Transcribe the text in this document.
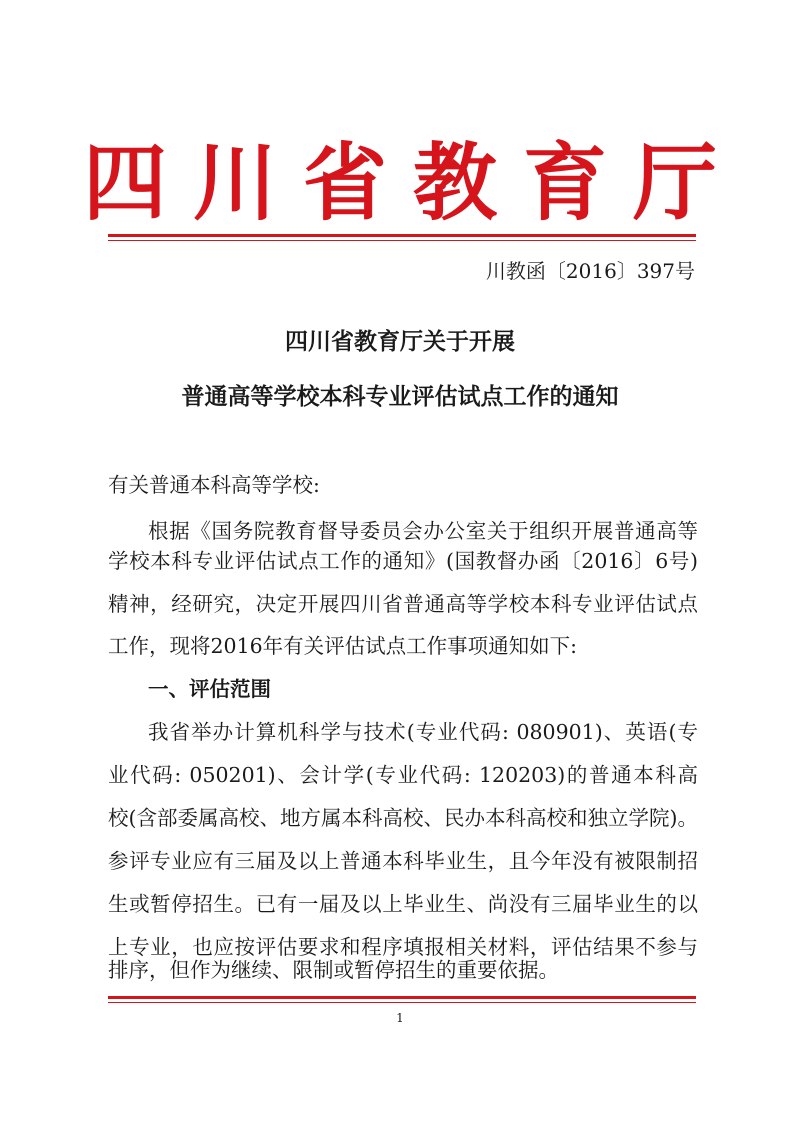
四川省教育厅
川教函〔2016〕397号
四川省教育厅关于开展
普通高等学校本科专业评估试点工作的通知
有关普通本科高等学校:
根据《国务院教育督导委员会办公室关于组织开展普通高等
学校本科专业评估试点工作的通知》(国教督办函〔2016〕6号)
精神，经研究，决定开展四川省普通高等学校本科专业评估试点
工作，现将2016年有关评估试点工作事项通知如下:
一、评估范围
我省举办计算机科学与技术(专业代码: 080901)、英语(专
业代码: 050201)、会计学(专业代码: 120203)的普通本科高
校(含部委属高校、地方属本科高校、民办本科高校和独立学院)。
参评专业应有三届及以上普通本科毕业生，且今年没有被限制招
生或暂停招生。已有一届及以上毕业生、尚没有三届毕业生的以
上专业，也应按评估要求和程序填报相关材料，评估结果不参与
排序，但作为继续、限制或暂停招生的重要依据。
1
